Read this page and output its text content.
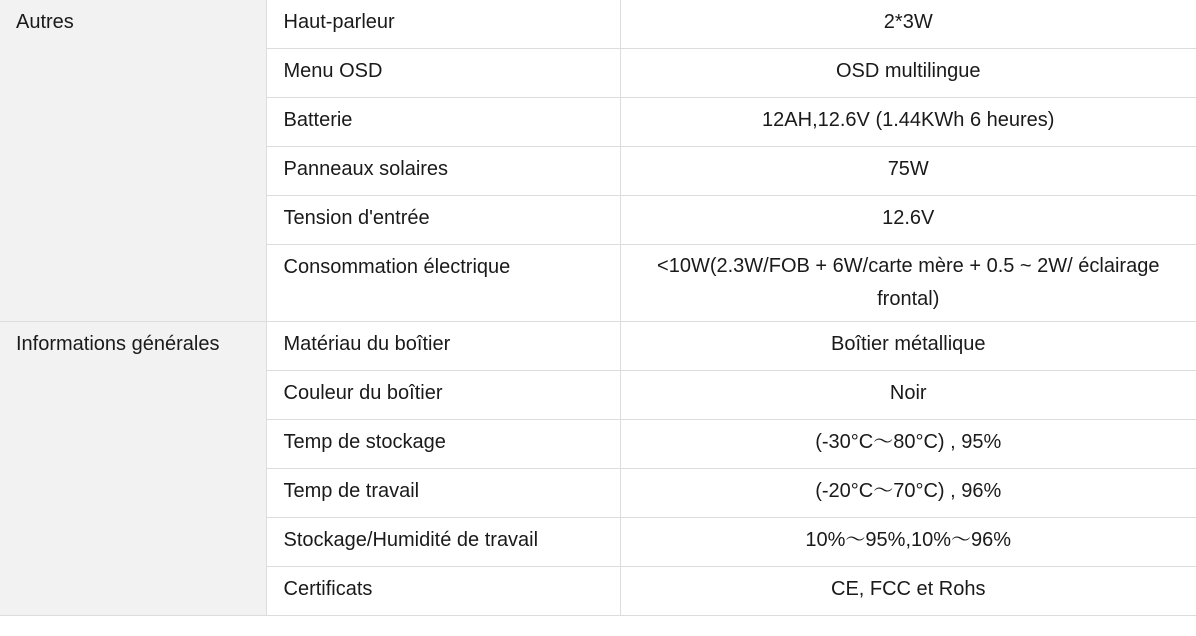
Autres	Haut-parleur	2*3W
	Menu OSD	OSD multilingue
	Batterie	12AH,12.6V (1.44KWh 6 heures)
	Panneaux solaires	75W
	Tension d'entrée	12.6V
	Consommation électrique	<10W(2.3W/FOB + 6W/carte mère + 0.5 ~ 2W/ éclairage frontal)
Informations générales	Matériau du boîtier	Boîtier métallique
	Couleur du boîtier	Noir
	Temp de stockage	(-30°C～80°C) , 95%
	Temp de travail	(-20°C～70°C) , 96%
	Stockage/Humidité de travail	10%～95%,10%～96%
	Certificats	CE, FCC et Rohs
